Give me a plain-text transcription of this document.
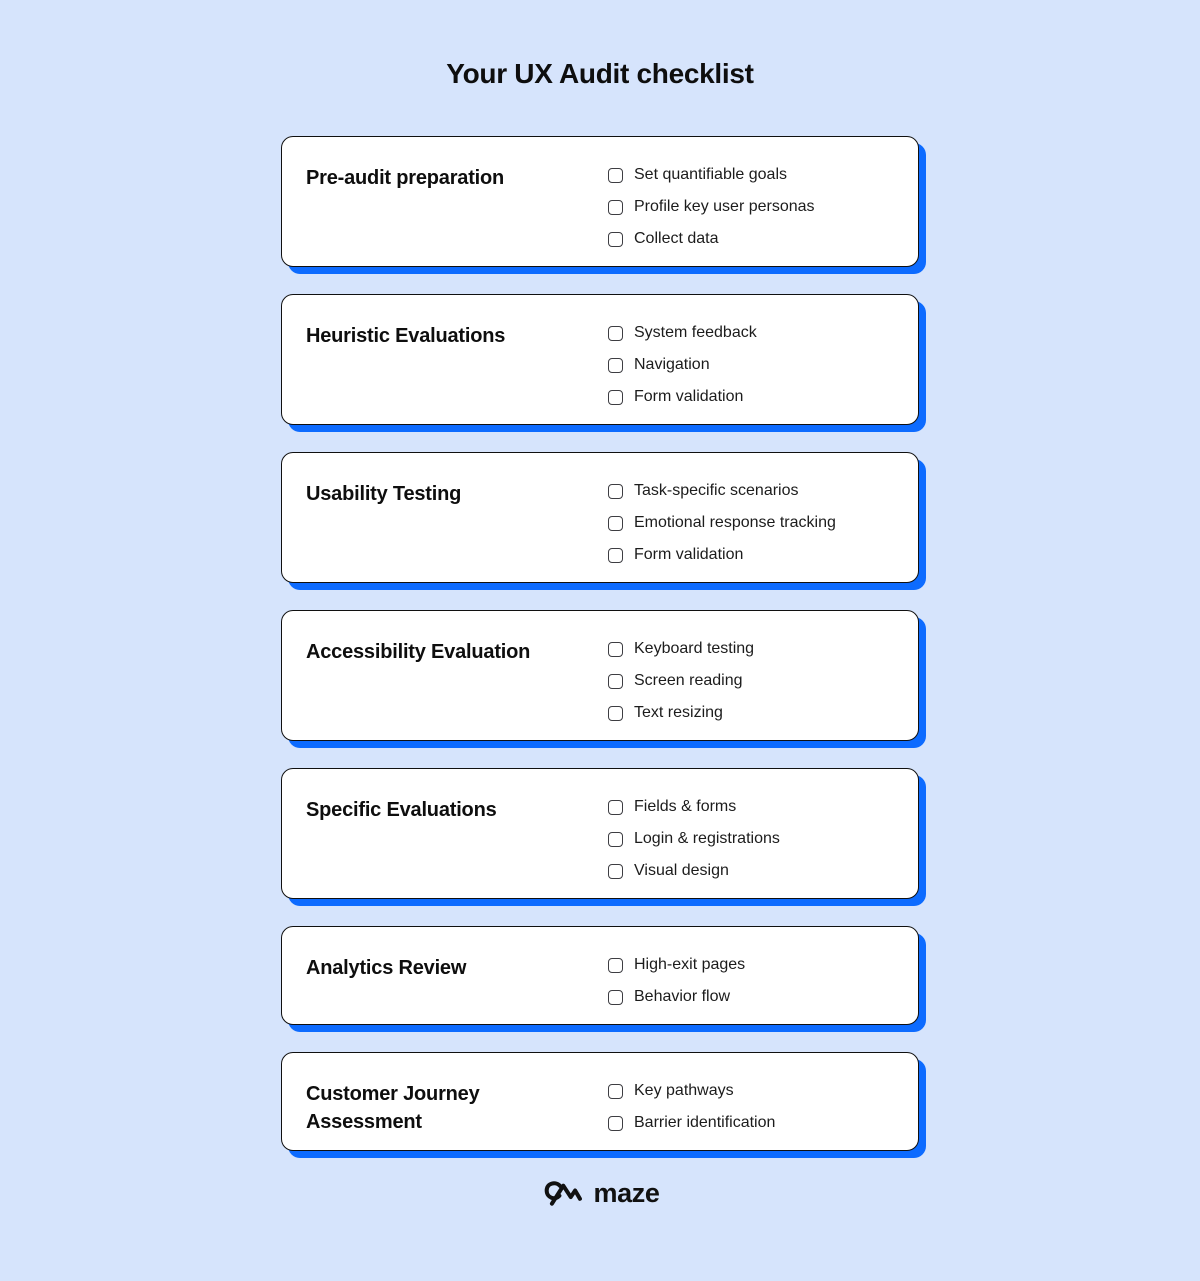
Your UX Audit checklist
Pre-audit preparation	Set quantifiable goals
Profile key user personas
Collect data
Heuristic Evaluations	System feedback
Navigation
Form validation
Usability Testing	Task-specific scenarios
Emotional response tracking
Form validation
Accessibility Evaluation	Keyboard testing
Screen reading
Text resizing
Specific Evaluations	Fields & forms
Login & registrations
Visual design
Analytics Review	High-exit pages
Behavior flow
Customer Journey Assessment
Key pathways
Barrier identification
maze
